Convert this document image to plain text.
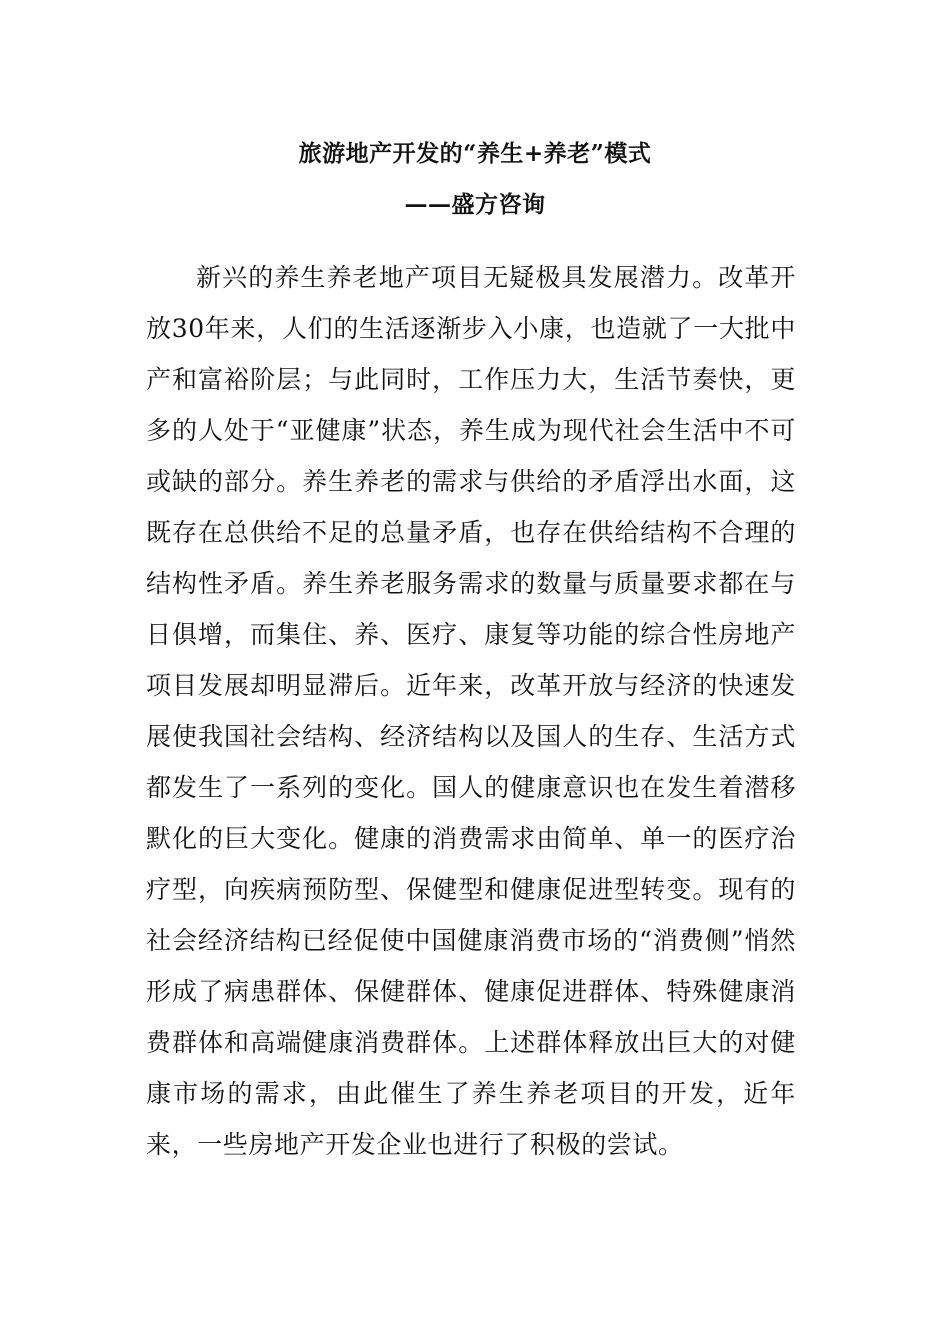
旅游地产开发的“养生+养老”模式
——盛方咨询

新兴的养生养老地产项目无疑极具发展潜力。改革开放30年来，人们的生活逐渐步入小康，也造就了一大批中产和富裕阶层；与此同时，工作压力大，生活节奏快，更多的人处于“亚健康”状态，养生成为现代社会生活中不可或缺的部分。养生养老的需求与供给的矛盾浮出水面，这既存在总供给不足的总量矛盾，也存在供给结构不合理的结构性矛盾。养生养老服务需求的数量与质量要求都在与日俱增，而集住、养、医疗、康复等功能的综合性房地产项目发展却明显滞后。近年来，改革开放与经济的快速发展使我国社会结构、经济结构以及国人的生存、生活方式都发生了一系列的变化。国人的健康意识也在发生着潜移默化的巨大变化。健康的消费需求由简单、单一的医疗治疗型，向疾病预防型、保健型和健康促进型转变。现有的社会经济结构已经促使中国健康消费市场的“消费侧”悄然形成了病患群体、保健群体、健康促进群体、特殊健康消费群体和高端健康消费群体。上述群体释放出巨大的对健康市场的需求，由此催生了养生养老项目的开发，近年来，一些房地产开发企业也进行了积极的尝试。
